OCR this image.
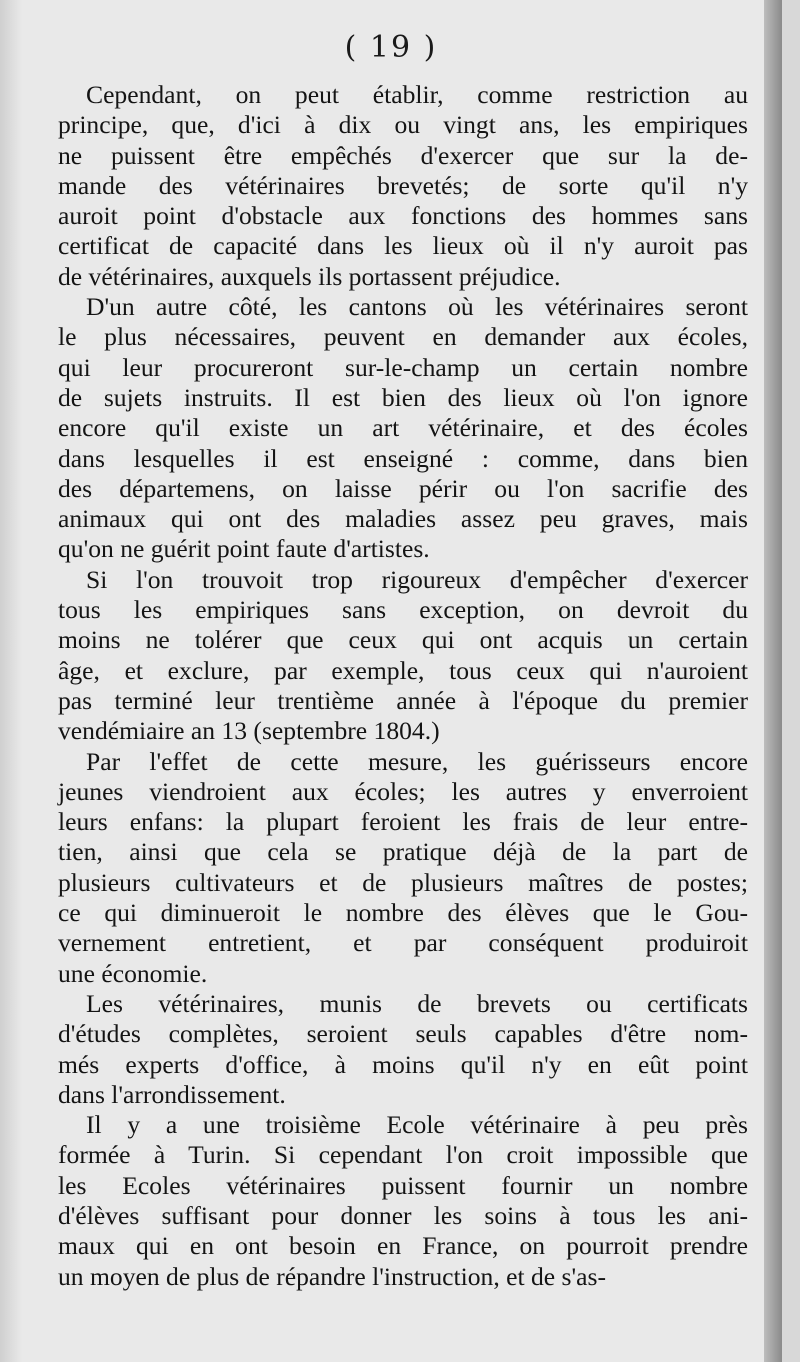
( 19 )
Cependant, on peut établir, comme restriction au
principe, que, d'ici à dix ou vingt ans, les empiriques
ne puissent être empêchés d'exercer que sur la de-
mande des vétérinaires brevetés; de sorte qu'il n'y
auroit point d'obstacle aux fonctions des hommes sans
certificat de capacité dans les lieux où il n'y auroit pas
de vétérinaires, auxquels ils portassent préjudice.
D'un autre côté, les cantons où les vétérinaires seront
le plus nécessaires, peuvent en demander aux écoles,
qui leur procureront sur-le-champ un certain nombre
de sujets instruits. Il est bien des lieux où l'on ignore
encore qu'il existe un art vétérinaire, et des écoles
dans lesquelles il est enseigné : comme, dans bien
des départemens, on laisse périr ou l'on sacrifie des
animaux qui ont des maladies assez peu graves, mais
qu'on ne guérit point faute d'artistes.
Si l'on trouvoit trop rigoureux d'empêcher d'exercer
tous les empiriques sans exception, on devroit du
moins ne tolérer que ceux qui ont acquis un certain
âge, et exclure, par exemple, tous ceux qui n'auroient
pas terminé leur trentième année à l'époque du premier
vendémiaire an 13 (septembre 1804.)
Par l'effet de cette mesure, les guérisseurs encore
jeunes viendroient aux écoles; les autres y enverroient
leurs enfans: la plupart feroient les frais de leur entre-
tien, ainsi que cela se pratique déjà de la part de
plusieurs cultivateurs et de plusieurs maîtres de postes;
ce qui diminueroit le nombre des élèves que le Gou-
vernement entretient, et par conséquent produiroit
une économie.
Les vétérinaires, munis de brevets ou certificats
d'études complètes, seroient seuls capables d'être nom-
més experts d'office, à moins qu'il n'y en eût point
dans l'arrondissement.
Il y a une troisième Ecole vétérinaire à peu près
formée à Turin. Si cependant l'on croit impossible que
les Ecoles vétérinaires puissent fournir un nombre
d'élèves suffisant pour donner les soins à tous les ani-
maux qui en ont besoin en France, on pourroit prendre
un moyen de plus de répandre l'instruction, et de s'as-
